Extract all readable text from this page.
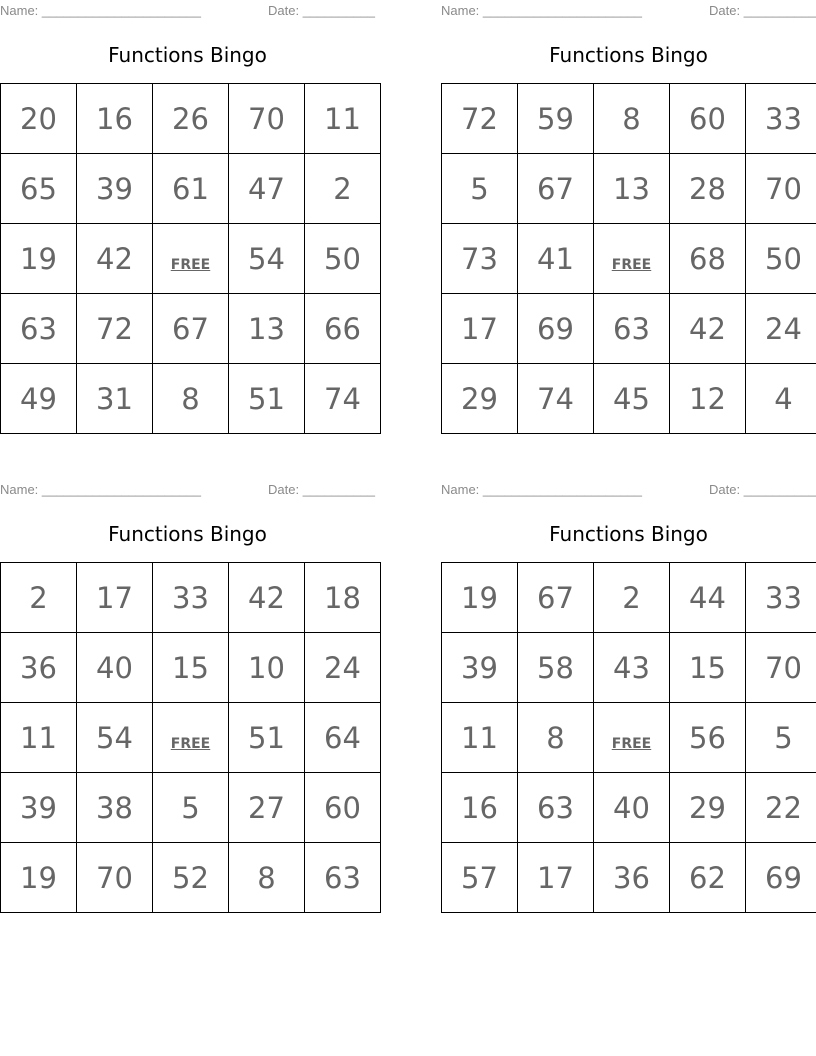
Name: ______________________	Date: __________
Functions Bingo
20	16	26	70	11
65	39	61	47	2
19	42	FREE	54	50
63	72	67	13	66
49	31	8	51	74
Name: ______________________	Date: __________
Functions Bingo
72	59	8	60	33
5	67	13	28	70
73	41	FREE	68	50
17	69	63	42	24
29	74	45	12	4
Name: ______________________	Date: __________
Functions Bingo
2	17	33	42	18
36	40	15	10	24
11	54	FREE	51	64
39	38	5	27	60
19	70	52	8	63
Name: ______________________	Date: __________
Functions Bingo
19	67	2	44	33
39	58	43	15	70
11	8	FREE	56	5
16	63	40	29	22
57	17	36	62	69
